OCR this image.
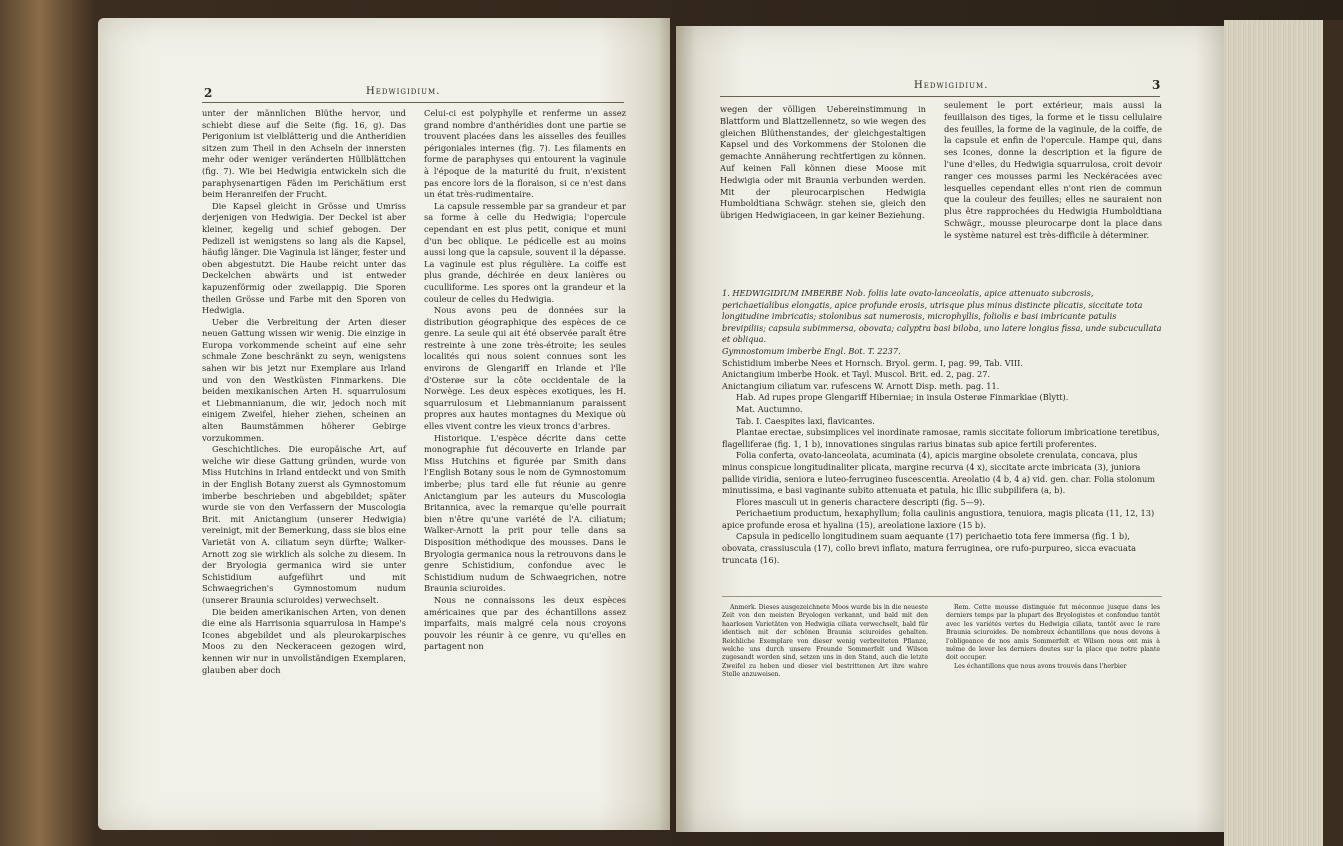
2	Hedwigidium.

unter der männlichen Blüthe hervor, und schiebt diese auf die Seite (fig. 16, g). Das Perigonium ist vielblätterig und die Antheridien sitzen zum Theil in den Achseln der innersten mehr oder weniger veränderten Hüllblättchen (fig. 7). Wie bei Hedwigia entwickeln sich die paraphysenartigen Fäden im Perichätium erst beim Heranreifen der Frucht.

Die Kapsel gleicht in Grösse und Umriss derjenigen von Hedwigia. Der Deckel ist aber kleiner, kegelig und schief gebogen. Der Pedizell ist wenigstens so lang als die Kapsel, häufig länger. Die Vaginula ist länger, fester und oben abgestutzt. Die Haube reicht unter das Deckelchen abwärts und ist entweder kapuzenförmig oder zweilappig. Die Sporen theilen Grösse und Farbe mit den Sporen von Hedwigia.

Ueber die Verbreitung der Arten dieser neuen Gattung wissen wir wenig. Die einzige in Europa vorkommende scheint auf eine sehr schmale Zone beschränkt zu seyn, wenigstens sahen wir bis jetzt nur Exemplare aus Irland und von den Westküsten Finmarkens. Die beiden mexikanischen Arten H. squarrulosum et Liebmannianum, die wir, jedoch noch mit einigem Zweifel, hieher ziehen, scheinen an alten Baumstämmen höherer Gebirge vorzukommen.

Geschichtliches. Die europäische Art, auf welche wir diese Gattung gründen, wurde von Miss Hutchins in Irland entdeckt und von Smith in der English Botany zuerst als Gymnostomum imberbe beschrieben und abgebildet; später wurde sie von den Verfassern der Muscologia Brit. mit Anictangium (unserer Hedwigia) vereinigt, mit der Bemerkung, dass sie blos eine Varietät von A. ciliatum seyn dürfte; Walker-Arnott zog sie wirklich als solche zu diesem. In der Bryologia germanica wird sie unter Schistidium aufgeführt und mit Schwaegrichen's Gymnostomum nudum (unserer Braunia sciuroides) verwechselt.

Die beiden amerikanischen Arten, von denen die eine als Harrisonia squarrulosa in Hampe's Icones abgebildet und als pleurokarpisches Moos zu den Neckeraceen gezogen wird, kennen wir nur in unvollständigen Exemplaren, glauben aber doch

Celui-ci est polyphylle et renferme un assez grand nombre d'anthéridies dont une partie se trouvent placées dans les aisselles des feuilles périgoniales internes (fig. 7). Les filaments en forme de paraphyses qui entourent la vaginule à l'époque de la maturité du fruit, n'existent pas encore lors de la floraison, si ce n'est dans un état très-rudimentaire.

La capsule ressemble par sa grandeur et par sa forme à celle du Hedwigia; l'opercule cependant en est plus petit, conique et muni d'un bec oblique. Le pédicelle est au moins aussi long que la capsule, souvent il la dépasse. La vaginule est plus régulière. La coiffe est plus grande, déchirée en deux lanières ou cuculliforme. Les spores ont la grandeur et la couleur de celles du Hedwigia.

Nous avons peu de données sur la distribution géographique des espèces de ce genre. La seule qui ait été observée paraît être restreinte à une zone très-étroite; les seules localités qui nous soient connues sont les environs de Glengariff en Irlande et l'île d'Osterøe sur la côte occidentale de la Norwège. Les deux espèces exotiques, les H. squarrulosum et Liebmannianum paraissent propres aux hautes montagnes du Mexique où elles vivent contre les vieux troncs d'arbres.

Historique. L'espèce décrite dans cette monographie fut découverte en Irlande par Miss Hutchins et figurée par Smith dans l'English Botany sous le nom de Gymnostomum imberbe; plus tard elle fut réunie au genre Anictangium par les auteurs du Muscologia Britannica, avec la remarque qu'elle pourrait bien n'être qu'une variété de l'A. ciliatum; Walker-Arnott la prit pour telle dans sa Disposition méthodique des mousses. Dans le Bryologia germanica nous la retrouvons dans le genre Schistidium, confondue avec le Schistidium nudum de Schwaegrichen, notre Braunia sciuroides.

Nous ne connaissons les deux espèces américaines que par des échantillons assez imparfaits, mais malgré cela nous croyons pouvoir les réunir à ce genre, vu qu'elles en partagent non

Hedwigidium.	3

wegen der völligen Uebereinstimmung in Blattform und Blattzellennetz, so wie wegen des gleichen Blüthenstandes, der gleichgestaltigen Kapsel und des Vorkommens der Stolonen die gemachte Annäherung rechtfertigen zu können. Auf keinen Fall können diese Moose mit Hedwigia oder mit Braunia verbunden werden. Mit der pleurocarpischen Hedwigia Humboldtiana Schwägr. stehen sie, gleich den übrigen Hedwigiaceen, in gar keiner Beziehung.

seulement le port extérieur, mais aussi la feuillaison des tiges, la forme et le tissu cellulaire des feuilles, la forme de la vaginule, de la coiffe, de la capsule et enfin de l'opercule. Hampe qui, dans ses Icones, donne la description et la figure de l'une d'elles, du Hedwigia squarrulosa, croit devoir ranger ces mousses parmi les Neckéracées avec lesquelles cependant elles n'ont rien de commun que la couleur des feuilles; elles ne sauraient non plus être rapprochées du Hedwigia Humboldtiana Schwägr., mousse pleurocarpe dont la place dans le système naturel est très-difficile à déterminer.

1. HEDWIGIDIUM IMBERBE Nob. foliis late ovato-lanceolatis, apice attenuato subcrosis, perichaetialibus elongatis, apice profunde erosis, utrisque plus minus distincte plicatis, siccitate tota longitudine imbricatis; stolonibus sat numerosis, microphyllis, foliolis e basi imbricante patulis brevipiliis; capsula subimmersa, obovata; calyptra basi biloba, uno latere longius fissa, unde subcucullata et obliqua.

Gymnostomum imberbe Engl. Bot. T. 2237.

Schistidium imberbe Nees et Hornsch. Bryol. germ. I, pag. 99, Tab. VIII.

Anictangium imberbe Hook. et Tayl. Muscol. Brit. ed. 2, pag. 27.

Anictangium ciliatum var. rufescens W. Arnott Disp. meth. pag. 11.

Hab. Ad rupes prope Glengariff Hiberniae; in insula Osterøe Finmarkiae (Blytt).

Mat. Auctumno.

Tab. I. Caespites laxi, flavicantes.

Plantae erectae, subsimplices vel inordinate ramosae, ramis siccitate foliorum imbricatione teretibus, flagelliferae (fig. 1, 1 b), innovationes singulas rarius binatas sub apice fertili proferentes.

Folia conferta, ovato-lanceolata, acuminata (4), apicis margine obsolete crenulata, concava, plus minus conspicue longitudinaliter plicata, margine recurva (4 x), siccitate arcte imbricata (3), juniora pallide viridia, seniora e luteo-ferrugineo fuscescentia. Areolatio (4 b, 4 a) vid. gen. char. Folia stolonum minutissima, e basi vaginante subito attenuata et patula, hic illic subpilifera (a, b).

Flores masculi ut in generis charactere descripti (fig. 5—9).

Perichaetium productum, hexaphyllum; folia caulinis angustiora, tenuiora, magis plicata (11, 12, 13) apice profunde erosa et hyalina (15), areolatione laxiore (15 b).

Capsula in pedicello longitudinem suam aequante (17) perichaetio tota fere immersa (fig. 1 b), obovata, crassiuscula (17), collo brevi inflato, matura ferruginea, ore rufo-purpureo, sicca evacuata truncata (16).

Anmerk. Dieses ausgezeichnete Moos wurde bis in die neueste Zeit von den meisten Bryologen verkannt, und bald mit den haarlosen Varietäten von Hedwigia ciliata verwechselt, bald für identisch mit der schönen Braunia sciuroides gehalten. Reichliche Exemplare von dieser wenig verbreiteten Pflanze, welche uns durch unsere Freunde Sommerfelt und Wilson zugesandt worden sind, setzen uns in den Stand, auch die letzte Zweifel zu heben und dieser viel bestrittenen Art ihre wahre Stelle anzuweisen.

Rem. Cette mousse distinguée fut méconnue jusque dans les derniers temps par la plupart des Bryologistes et confondue tantôt avec les variétés vertes du Hedwigia ciliata, tantôt avec le rare Braunia sciuroides. De nombreux échantillons que nous devons à l'obligeance de nos amis Sommerfelt et Wilson nous ont mis à même de lever les derniers doutes sur la place que notre plante doit occuper.

Les échantillons que nous avons trouvés dans l'herbier
